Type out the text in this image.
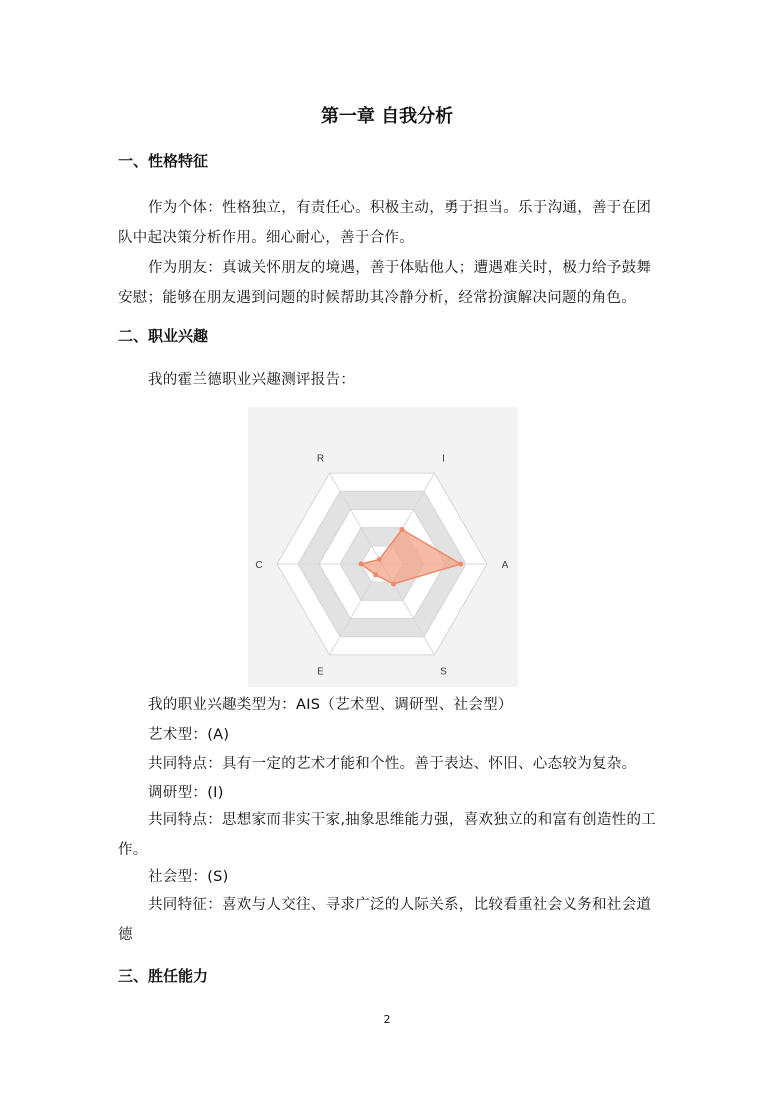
第一章 自我分析
一、性格特征
作为个体：性格独立，有责任心。积极主动，勇于担当。乐于沟通，善于在团队中起决策分析作用。细心耐心，善于合作。
作为朋友：真诚关怀朋友的境遇，善于体贴他人；遭遇难关时，极力给予鼓舞安慰；能够在朋友遇到问题的时候帮助其冷静分析，经常扮演解决问题的角色。
二、职业兴趣
我的霍兰德职业兴趣测评报告：
R	I
A
S
E
C
我的职业兴趣类型为：AIS（艺术型、调研型、社会型）
艺术型：(A)
共同特点：具有一定的艺术才能和个性。善于表达、怀旧、心态较为复杂。
调研型：(I)
共同特点：思想家而非实干家,抽象思维能力强，喜欢独立的和富有创造性的工作。
社会型：(S)
共同特征：喜欢与人交往、寻求广泛的人际关系，比较看重社会义务和社会道德
三、胜任能力
2
